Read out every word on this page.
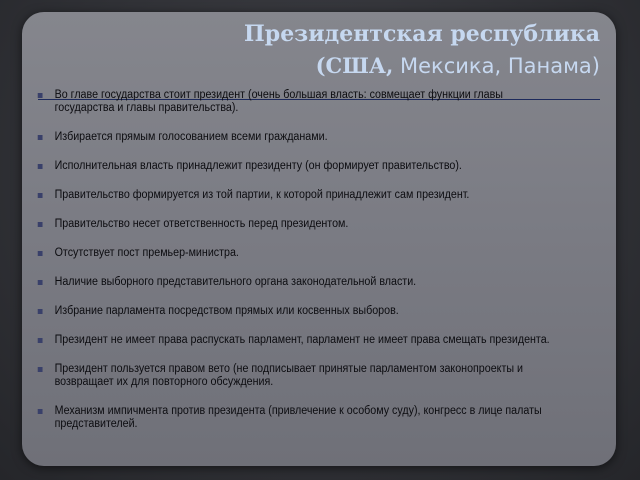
Президентская республика
(США, Мексика, Панама)
Во главе государства стоит президент (очень большая власть: совмещает функции главы государства и главы правительства).
Избирается прямым голосованием всеми гражданами.
Исполнительная власть принадлежит президенту (он формирует правительство).
Правительство формируется из той партии, к которой принадлежит сам президент.
Правительство несет ответственность перед президентом.
Отсутствует пост премьер-министра.
Наличие выборного представительного органа законодательной власти.
Избрание парламента посредством прямых или косвенных выборов.
Президент не имеет права распускать парламент, парламент не имеет права смещать президента.
Президент пользуется правом вето (не подписывает принятые парламентом законопроекты и возвращает их для повторного обсуждения.
Механизм импичмента против президента (привлечение к особому суду), конгресс в лице палаты представителей.
